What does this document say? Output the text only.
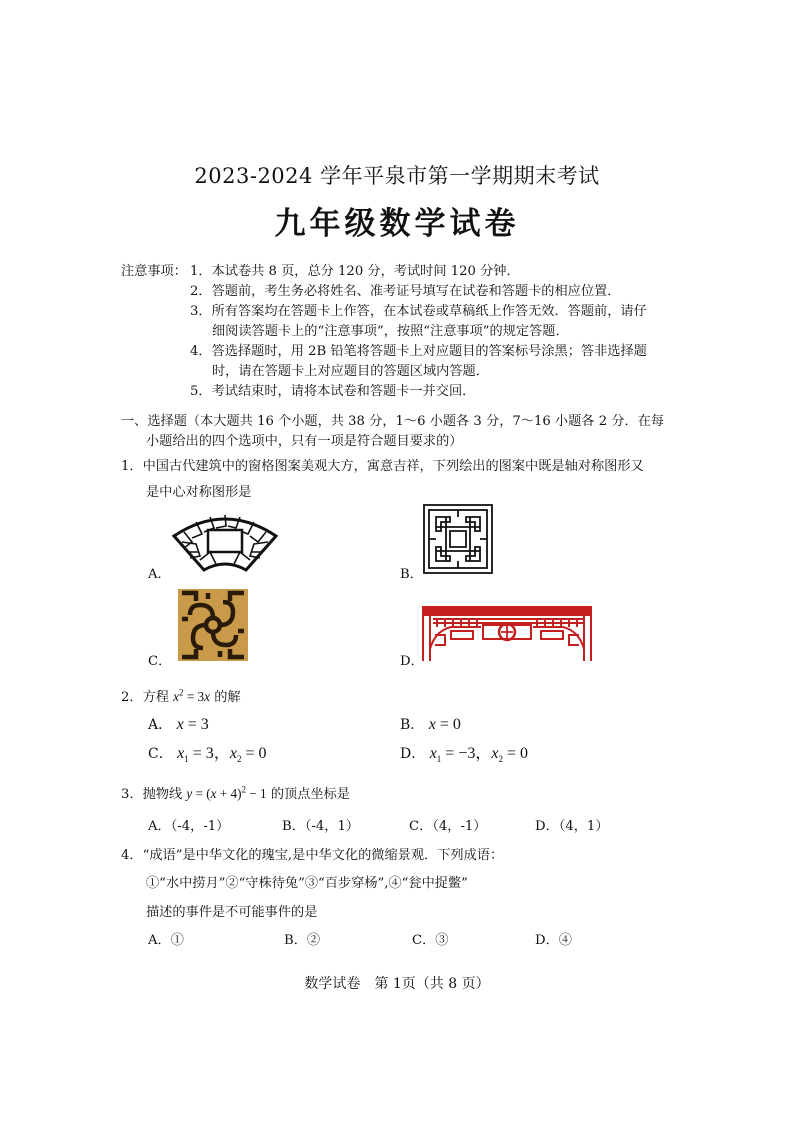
2023-2024 学年平泉市第一学期期末考试
九年级数学试卷
注意事项： 1．本试卷共 8 页，总分 120 分，考试时间 120 分钟．
2．答题前，考生务必将姓名、准考证号填写在试卷和答题卡的相应位置．
3．所有答案均在答题卡上作答，在本试卷或草稿纸上作答无效．答题前，请仔
细阅读答题卡上的“注意事项”，按照“注意事项”的规定答题．
4．答选择题时，用 2B 铅笔将答题卡上对应题目的答案标号涂黑；答非选择题
时，请在答题卡上对应题目的答题区域内答题．
5．考试结束时，请将本试卷和答题卡一并交回．
一、选择题（本大题共 16 个小题，共 38 分，1～6 小题各 3 分，7～16 小题各 2 分．在每
小题给出的四个选项中，只有一项是符合题目要求的）
1．中国古代建筑中的窗格图案美观大方，寓意吉祥，下列绘出的图案中既是轴对称图形又
是中心对称图形是
A．	B．
C．	D．
2．方程 $x^2 = 3x$ 的解
A． x = 3	B． x = 0
C． $x_1 = 3$，$x_2 = 0$	D． $x_1 = -3$，$x_2 = 0$
3．抛物线 $y = (x + 4)^2 - 1$ 的顶点坐标是
A．（-4，-1）	B．（-4，1）	C．（4，-1）	D．（4，1）
4．“成语”是中华文化的瑰宝,是中华文化的微缩景观．下列成语：
①“水中捞月”②“守株待兔”③“百步穿杨”,④“瓮中捉鳖”
描述的事件是不可能事件的是
A．①	B．②	C．③	D．④
数学试卷　第 1页（共 8 页）
